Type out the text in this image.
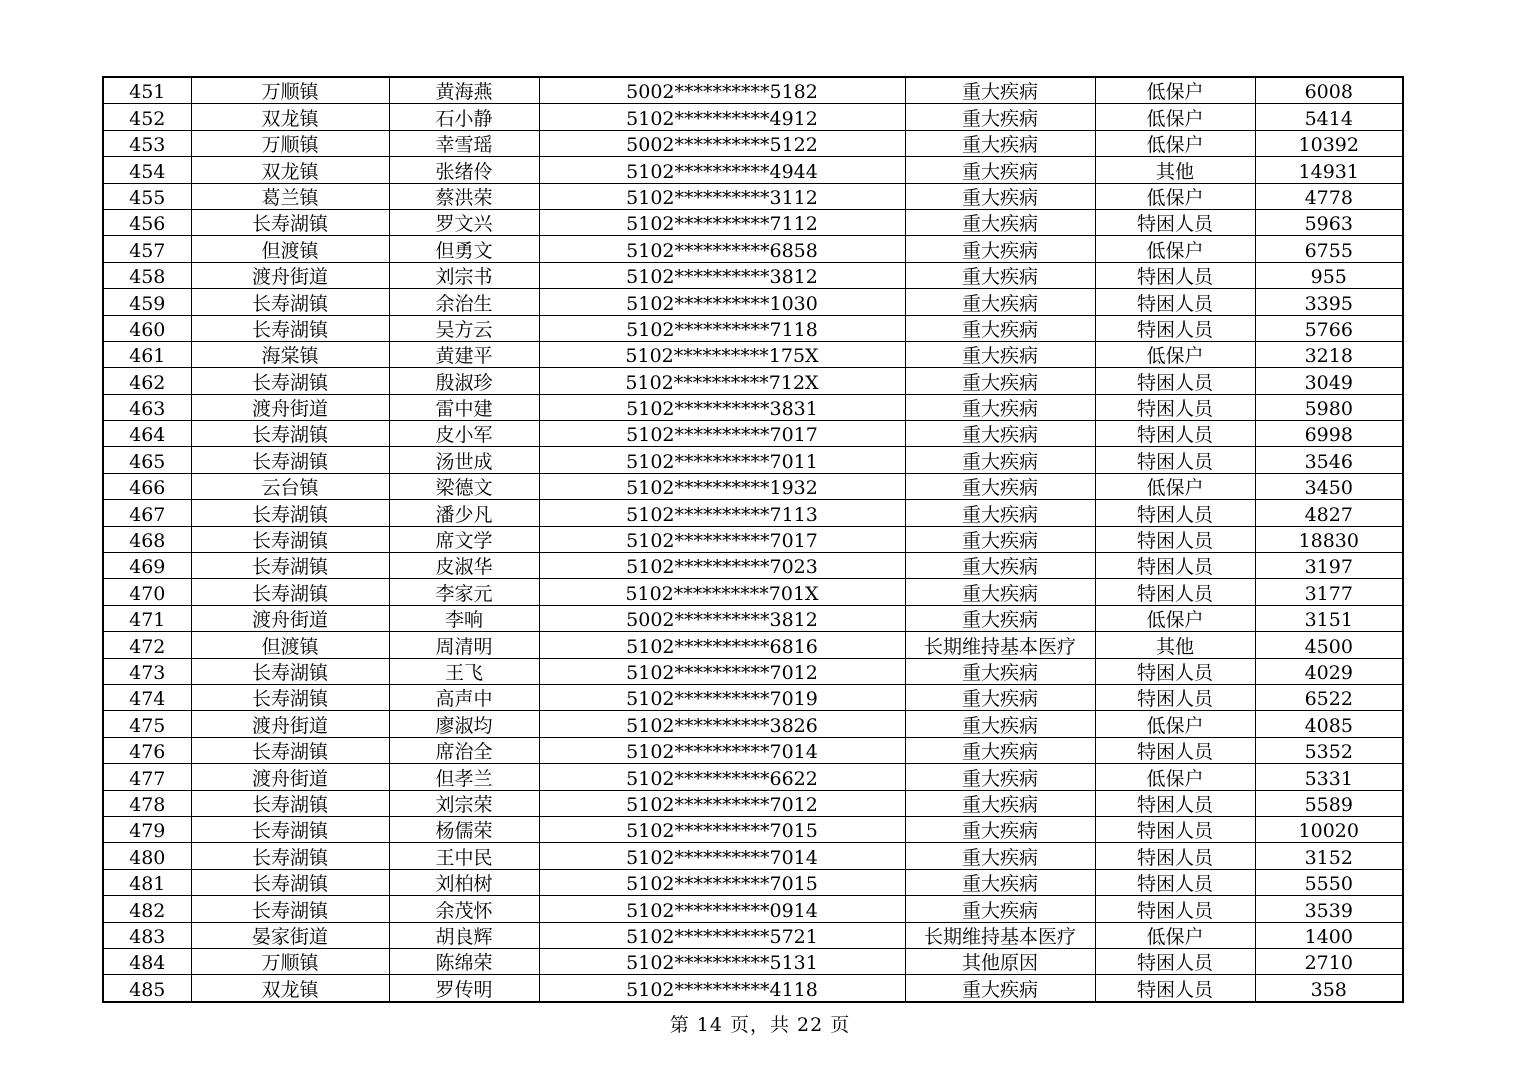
451	万顺镇	黄海燕	5002**********5182	重大疾病	低保户	6008
452	双龙镇	石小静	5102**********4912	重大疾病	低保户	5414
453	万顺镇	幸雪瑶	5002**********5122	重大疾病	低保户	10392
454	双龙镇	张绪伶	5102**********4944	重大疾病	其他	14931
455	葛兰镇	蔡洪荣	5102**********3112	重大疾病	低保户	4778
456	长寿湖镇	罗文兴	5102**********7112	重大疾病	特困人员	5963
457	但渡镇	但勇文	5102**********6858	重大疾病	低保户	6755
458	渡舟街道	刘宗书	5102**********3812	重大疾病	特困人员	955
459	长寿湖镇	余治生	5102**********1030	重大疾病	特困人员	3395
460	长寿湖镇	吴方云	5102**********7118	重大疾病	特困人员	5766
461	海棠镇	黄建平	5102**********175X	重大疾病	低保户	3218
462	长寿湖镇	殷淑珍	5102**********712X	重大疾病	特困人员	3049
463	渡舟街道	雷中建	5102**********3831	重大疾病	特困人员	5980
464	长寿湖镇	皮小军	5102**********7017	重大疾病	特困人员	6998
465	长寿湖镇	汤世成	5102**********7011	重大疾病	特困人员	3546
466	云台镇	梁德文	5102**********1932	重大疾病	低保户	3450
467	长寿湖镇	潘少凡	5102**********7113	重大疾病	特困人员	4827
468	长寿湖镇	席文学	5102**********7017	重大疾病	特困人员	18830
469	长寿湖镇	皮淑华	5102**********7023	重大疾病	特困人员	3197
470	长寿湖镇	李家元	5102**********701X	重大疾病	特困人员	3177
471	渡舟街道	李响	5002**********3812	重大疾病	低保户	3151
472	但渡镇	周清明	5102**********6816	长期维持基本医疗	其他	4500
473	长寿湖镇	王飞	5102**********7012	重大疾病	特困人员	4029
474	长寿湖镇	高声中	5102**********7019	重大疾病	特困人员	6522
475	渡舟街道	廖淑均	5102**********3826	重大疾病	低保户	4085
476	长寿湖镇	席治全	5102**********7014	重大疾病	特困人员	5352
477	渡舟街道	但孝兰	5102**********6622	重大疾病	低保户	5331
478	长寿湖镇	刘宗荣	5102**********7012	重大疾病	特困人员	5589
479	长寿湖镇	杨儒荣	5102**********7015	重大疾病	特困人员	10020
480	长寿湖镇	王中民	5102**********7014	重大疾病	特困人员	3152
481	长寿湖镇	刘柏树	5102**********7015	重大疾病	特困人员	5550
482	长寿湖镇	余茂怀	5102**********0914	重大疾病	特困人员	3539
483	晏家街道	胡良辉	5102**********5721	长期维持基本医疗	低保户	1400
484	万顺镇	陈绵荣	5102**********5131	其他原因	特困人员	2710
485	双龙镇	罗传明	5102**********4118	重大疾病	特困人员	358
第 14 页，共 22 页
